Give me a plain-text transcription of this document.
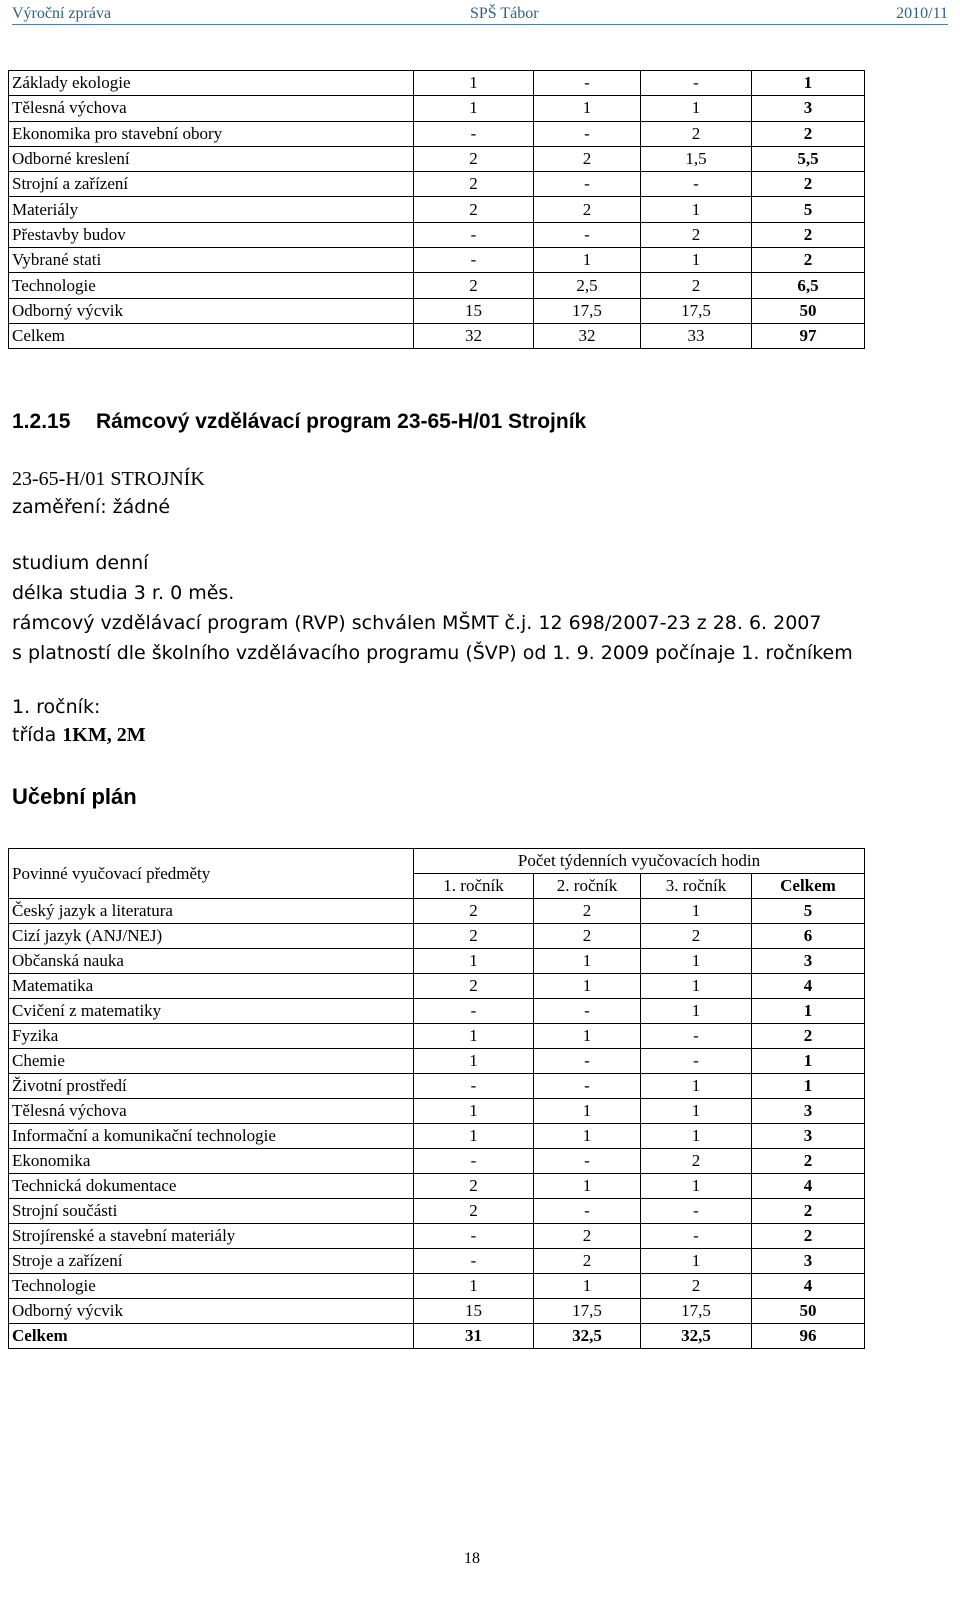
Výroční zpráva	SPŠ Tábor	2010/11
Základy ekologie	1	-	-	1
Tělesná výchova	1	1	1	3
Ekonomika pro stavební obory	-	-	2	2
Odborné kreslení	2	2	1,5	5,5
Strojní a zařízení	2	-	-	2
Materiály	2	2	1	5
Přestavby budov	-	-	2	2
Vybrané stati	-	1	1	2
Technologie	2	2,5	2	6,5
Odborný výcvik	15	17,5	17,5	50
Celkem	32	32	33	97
1.2.15 Rámcový vzdělávací program 23-65-H/01 Strojník
23-65-H/01 STROJNÍK
zaměření: žádné
studium denní
délka studia 3 r. 0 měs.
rámcový vzdělávací program (RVP) schválen MŠMT č.j. 12 698/2007-23 z 28. 6. 2007
s platností dle školního vzdělávacího programu (ŠVP) od 1. 9. 2009 počínaje 1. ročníkem
1. ročník:
třída 1KM, 2M
Učební plán
Povinné vyučovací předměty	Počet týdenních vyučovacích hodin			
	1. ročník	2. ročník	3. ročník	Celkem
Český jazyk a literatura	2	2	1	5
Cizí jazyk (ANJ/NEJ)	2	2	2	6
Občanská nauka	1	1	1	3
Matematika	2	1	1	4
Cvičení z matematiky	-	-	1	1
Fyzika	1	1	-	2
Chemie	1	-	-	1
Životní prostředí	-	-	1	1
Tělesná výchova	1	1	1	3
Informační a komunikační technologie	1	1	1	3
Ekonomika	-	-	2	2
Technická dokumentace	2	1	1	4
Strojní součásti	2	-	-	2
Strojírenské a stavební materiály	-	2	-	2
Stroje a zařízení	-	2	1	3
Technologie	1	1	2	4
Odborný výcvik	15	17,5	17,5	50
Celkem	31	32,5	32,5	96
18
